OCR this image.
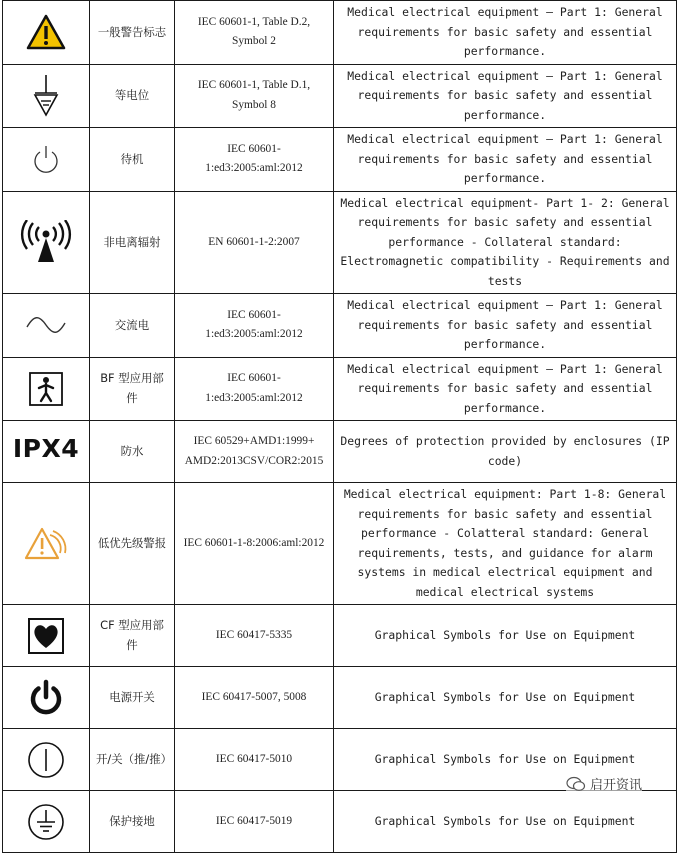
	一般警告标志	IEC 60601-1, Table D.2, Symbol 2	Medical electrical equipment — Part 1: General requirements for basic safety and essential performance.

	等电位	IEC 60601-1, Table D.1, Symbol 8	Medical electrical equipment — Part 1: General requirements for basic safety and essential performance.

	待机	IEC 60601-1:ed3:2005:aml:2012	Medical electrical equipment — Part 1: General requirements for basic safety and essential performance.

	非电离辐射	EN 60601-1-2:2007	Medical electrical equipment- Part 1- 2: General requirements for basic safety and essential performance - Collateral standard: Electromagnetic compatibility - Requirements and tests

	交流电	IEC 60601-1:ed3:2005:aml:2012	Medical electrical equipment — Part 1: General requirements for basic safety and essential performance.

	BF 型应用部件	IEC 60601-1:ed3:2005:aml:2012	Medical electrical equipment — Part 1: General requirements for basic safety and essential performance.
IPX4	防水	IEC 60529+AMD1:1999+ AMD2:2013CSV/COR2:2015	Degrees of protection provided by enclosures (IP code)

	低优先级警报	IEC 60601-1-8:2006:aml:2012	Medical electrical equipment: Part 1-8: General requirements for basic safety and essential performance - Colatteral standard: General requirements, tests, and guidance for alarm systems in medical electrical equipment and medical electrical systems

	CF 型应用部件	IEC 60417-5335	Graphical Symbols for Use on Equipment

	电源开关	IEC 60417-5007, 5008	Graphical Symbols for Use on Equipment

	开/关（推/推）	IEC 60417-5010	Graphical Symbols for Use on Equipment

	保护接地	IEC 60417-5019	Graphical Symbols for Use on Equipment
启开资讯
